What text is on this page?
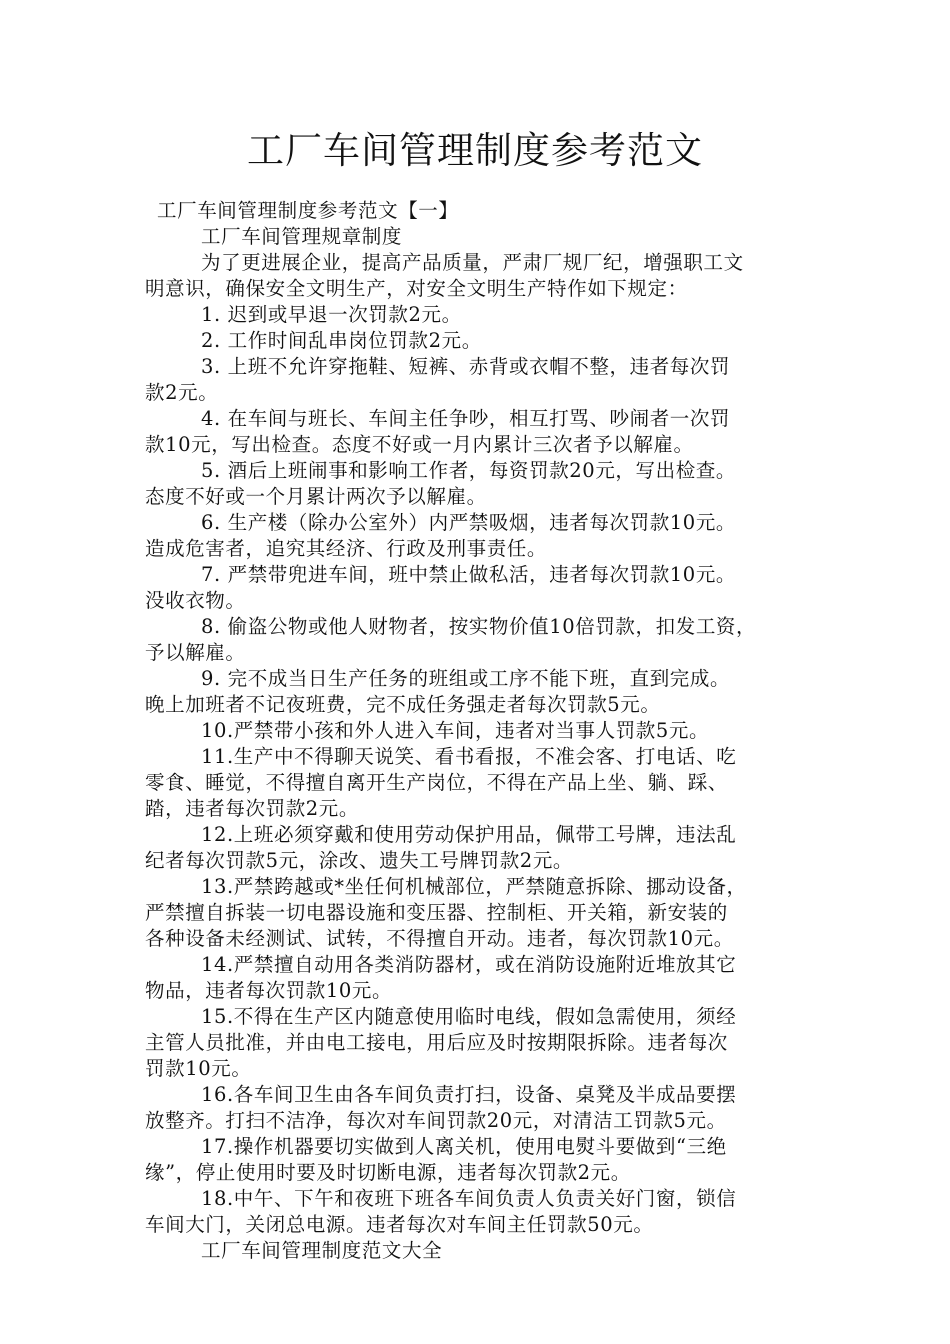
工厂车间管理制度参考范文

工厂车间管理制度参考范文【一】

工厂车间管理规章制度

为了更进展企业，提高产品质量，严肃厂规厂纪，增强职工文

明意识，确保安全文明生产，对安全文明生产特作如下规定：

1. 迟到或早退一次罚款2元。

2. 工作时间乱串岗位罚款2元。

3. 上班不允许穿拖鞋、短裤、赤背或衣帽不整，违者每次罚

款2元。

4. 在车间与班长、车间主任争吵，相互打骂、吵闹者一次罚

款10元，写出检查。态度不好或一月内累计三次者予以解雇。

5. 酒后上班闹事和影响工作者，每资罚款20元，写出检查。

态度不好或一个月累计两次予以解雇。

6. 生产楼（除办公室外）内严禁吸烟，违者每次罚款10元。

造成危害者，追究其经济、行政及刑事责任。

7. 严禁带兜进车间，班中禁止做私活，违者每次罚款10元。

没收衣物。

8. 偷盗公物或他人财物者，按实物价值10倍罚款，扣发工资，

予以解雇。

9. 完不成当日生产任务的班组或工序不能下班，直到完成。

晚上加班者不记夜班费，完不成任务强走者每次罚款5元。

10.严禁带小孩和外人进入车间，违者对当事人罚款5元。

11.生产中不得聊天说笑、看书看报，不准会客、打电话、吃

零食、睡觉，不得擅自离开生产岗位，不得在产品上坐、躺、踩、

踏，违者每次罚款2元。

12.上班必须穿戴和使用劳动保护用品，佩带工号牌，违法乱

纪者每次罚款5元，涂改、遗失工号牌罚款2元。

13.严禁跨越或*坐任何机械部位，严禁随意拆除、挪动设备，

严禁擅自拆装一切电器设施和变压器、控制柜、开关箱，新安装的

各种设备未经测试、试转，不得擅自开动。违者，每次罚款10元。

14.严禁擅自动用各类消防器材，或在消防设施附近堆放其它

物品，违者每次罚款10元。

15.不得在生产区内随意使用临时电线，假如急需使用，须经

主管人员批准，并由电工接电，用后应及时按期限拆除。违者每次

罚款10元。

16.各车间卫生由各车间负责打扫，设备、桌凳及半成品要摆

放整齐。打扫不洁净，每次对车间罚款20元，对清洁工罚款5元。

17.操作机器要切实做到人离关机，使用电熨斗要做到“三绝

缘”，停止使用时要及时切断电源，违者每次罚款2元。

18.中午、下午和夜班下班各车间负责人负责关好门窗，锁信

车间大门，关闭总电源。违者每次对车间主任罚款50元。

工厂车间管理制度范文大全
